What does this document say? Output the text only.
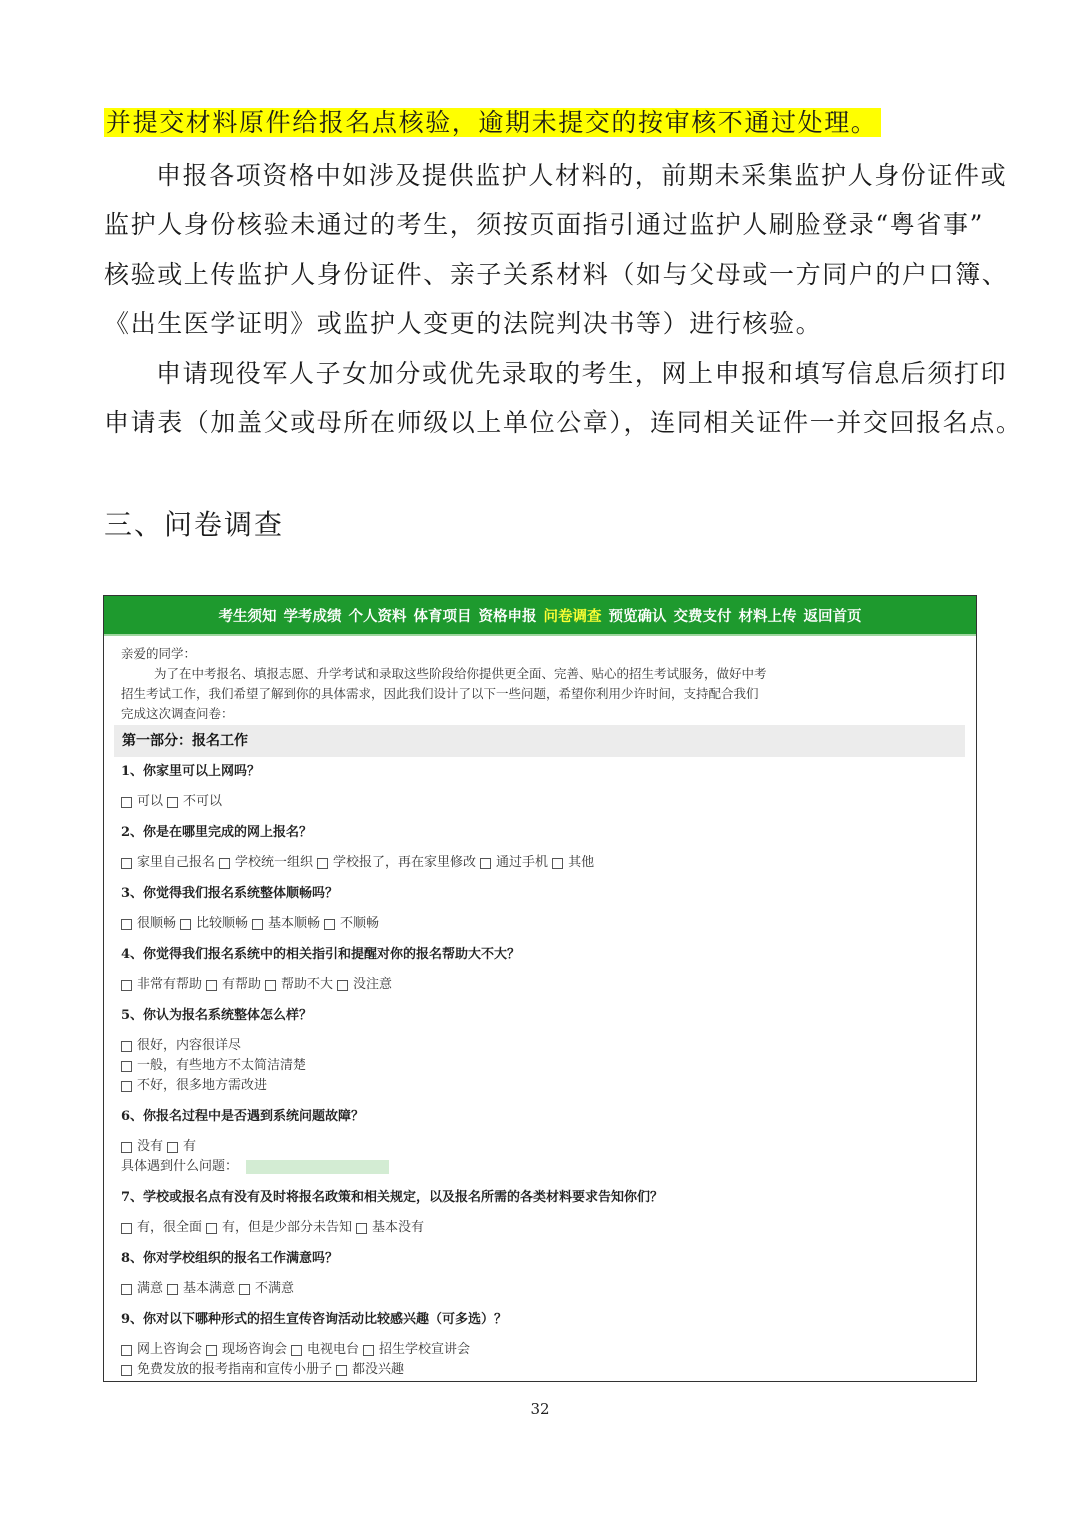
并提交材料原件给报名点核验，逾期未提交的按审核不通过处理。
申报各项资格中如涉及提供监护人材料的，前期未采集监护人身份证件或
监护人身份核验未通过的考生，须按页面指引通过监护人刷脸登录“粤省事”
核验或上传监护人身份证件、亲子关系材料（如与父母或一方同户的户口簿、
《出生医学证明》或监护人变更的法院判决书等）进行核验。
申请现役军人子女加分或优先录取的考生，网上申报和填写信息后须打印
申请表（加盖父或母所在师级以上单位公章），连同相关证件一并交回报名点。
三、问卷调查
考生须知 学考成绩 个人资料 体育项目 资格申报 问卷调查 预览确认 交费支付 材料上传 返回首页
亲爱的同学：
为了在中考报名、填报志愿、升学考试和录取这些阶段给你提供更全面、完善、贴心的招生考试服务，做好中考
招生考试工作，我们希望了解到你的具体需求，因此我们设计了以下一些问题，希望你利用少许时间，支持配合我们
完成这次调查问卷：
第一部分：报名工作
1、你家里可以上网吗？
可以 不可以
2、你是在哪里完成的网上报名？
家里自己报名 学校统一组织 学校报了，再在家里修改 通过手机 其他
3、你觉得我们报名系统整体顺畅吗？
很顺畅 比较顺畅 基本顺畅 不顺畅
4、你觉得我们报名系统中的相关指引和提醒对你的报名帮助大不大？
非常有帮助 有帮助 帮助不大 没注意
5、你认为报名系统整体怎么样？
很好，内容很详尽
一般，有些地方不太简洁清楚
不好，很多地方需改进
6、你报名过程中是否遇到系统问题故障？
没有 有
具体遇到什么问题：
7、学校或报名点有没有及时将报名政策和相关规定，以及报名所需的各类材料要求告知你们？
有，很全面 有，但是少部分未告知 基本没有
8、你对学校组织的报名工作满意吗？
满意 基本满意 不满意
9、你对以下哪种形式的招生宣传咨询活动比较感兴趣（可多选）？
网上咨询会 现场咨询会 电视电台 招生学校宣讲会
免费发放的报考指南和宣传小册子 都没兴趣
32
